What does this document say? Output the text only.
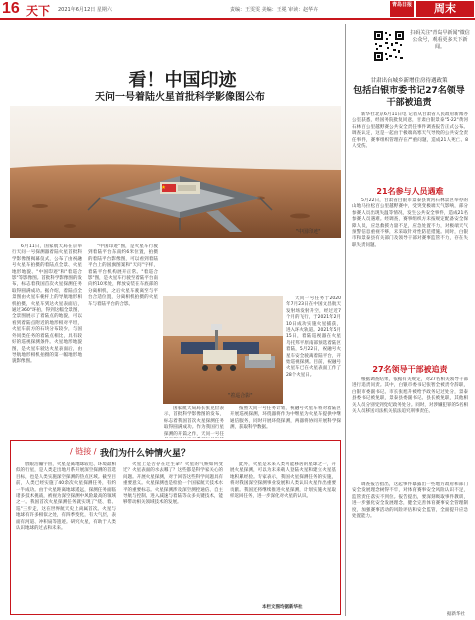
16 天下 2021年6月12日 星期六	责编：王雯雯 美编：王冕 审读：赵华卉
青岛日报	周末
看！中国印迹
天问一号着陆火星首批科学影像图公布
"中国印迹"

6月11日，国家航天局在京举行天问一号探测器着陆火星首批科学影像图揭幕仪式，公布了由祝融号火星车拍摄的着陆点全景、火星地形地貌、"中国印迹"和"着巡合影"等影像图。首批科学影像图的发布，标志着我国首次火星探测任务取得圆满成功。据介绍，着陆点全景图由火星车桅杆上的导航地形相机拍摄，火星车到达火星表面后，通过360°环拍，得到这幅全景图，全景图展示了着陆点的地貌，可以看到着陆点附近的地形相对平坦，火星车前方的石块分布较少，与国外同类任务的着陆点相比，具有较好的巡视探测条件。火星地形地貌图，是火星车驶达火星表面后，由导航地形相机拍摄的第一幅地形地貌影像图。

"中国印迹"图，是火星车行驶到着陆平台东南约6米位置，拍摄的着陆平台影像图，可以看到着陆平台上的国旗图案和"天问"字样，着陆平台机构展开正常。"着巡合影"图，是火星车行驶至着陆平台南向约10米处，释放安装在车底部的分离相机，之后火星车驶离至与平台合适位置，分离相机拍摄的火星车与着陆平台的合影。

"着巡合影"

国家航天局局长张克俭表示，首批科学影像图的发布，标志着我国首次火星探测任务取得圆满成功。作为我国行星探测的开篇之作，天问一号任

天问一号任务于2020年7月23日在中国文昌航天发射场发射升空，经过近7个月的飞行，于2021年2月10日成功实施火星捕获，进入环火轨道。2021年5月15日，着陆巡视器在火星乌托邦平原南部预选着陆区着陆，5月22日，祝融号火星车安全驶离着陆平台，开始巡视探测。目前，祝融号火星车已在火星表面工作了28个火星日。

按照天问一号任务计划，祝融号火星车将对着陆区开展巡视探测，环绕器将作为中继星为火星车提供中继通信服务，同时开展环绕探测，两器将协同开展科学探测，获取科学数据。

/ 链接 / 我们为什么钟情火星？

放眼浩瀚宇宙，火星是离地球较近、环境最相似的行星，是人类走出地月系开展深空探测的首选目标，也是人类实施深空探测的热点区域。截至目前，人类已经实施了40余次火星探测任务，有约一半成功。由于火星距离地球遥远，探测任务面临诸多技术挑战，被视为深空探测中风险最高的领域之一。我国首次火星探测任务就实现了"绕、着、巡"三步走，这在世界航天史上尚属首次。火星与地球有许多相似之处，有四季变化，有大气层，表面有河道、冲积扇等遗迹。研究火星，有助于人类认识地球的过去和未来。

火星上是否存在过生命？火星的气候如何变迁？火星表面的水去哪了？这些都是科学家关心的问题。开展火星探测，对于回答这些科学问题具有重要意义。火星探测也是检验一个国家航天技术水平的重要标志。火星探测涉及深空测控通信、自主导航与控制、进入减速与着陆等众多关键技术，能够带动相关领域技术的发展。

此外，火星是未来人类可能移居的星球之一，开展火星探测，可以为未来载人登陆火星和建立火星基地积累经验。专家表示，我国火星探测任务的实施，将对我国深空探测事业发展和人类认识火星作出重要贡献。我国还将继续推进火星探测，计划实施火星取样返回任务，进一步深化对火星的认识。

本栏文图均据新华社
扫码关注"青岛早新闻"微信公众号，观看更多天下新闻。
甘肃出台城乡新增住房待遇政策
包括白银市委书记27名领导干部被追责

新华社北京6月11日电 记者从甘肃省人民政府新闻办公室获悉，经国务院批复同意，甘肃白银景泰"5·22"黄河石林百公里越野赛公共安全责任事件调查报告正式公布。调查认定，这是一起由于极端高寒天气导致的公共安全责任事件，赛事组织管理存在严重问题，造成21人死亡、8人受伤。

21名参与人员遇难

5月22日，甘肃省白银市景泰县黄河石林景区举办的山地马拉松百公里越野赛中，受突变极端天气影响，部分参赛人员出现失温等情况，发生公共安全事件，造成21名参赛人员遇难。经调查，赛事组织方未按规定配备安全保障人员，应急救援力量不足，应急处置不力，对极端天气预警信息重视不够，未采取针对性防范措施。同时，白银市和景泰县有关部门及领导干部对赛事监管不力，存在失职失责问题。

27名领导干部被追责

根据调查结果，依据有关规定，对27名相关领导干部进行追责问责。其中，白银市委书记张智全被责令辞职，白银市委副书记、市长张旭升被给予政务记过处分，景泰县委书记被免职，景泰县委副书记、县长被免职，其他相关人员分别受到党纪政务处分。同时，对涉嫌犯罪的5名相关人员移送司法机关依法追究刑事责任。

调查报告指出，这起事件暴露出一些地方政府和部门安全发展理念树得不牢，对体育赛事安全风险认识不足，监管责任落实不到位。报告提出，要深刻吸取事件教训，进一步强化安全发展理念，健全完善体育赛事安全管理制度，加强赛事活动的风险评估和安全监管，全面提升应急处置能力。

据新华社
